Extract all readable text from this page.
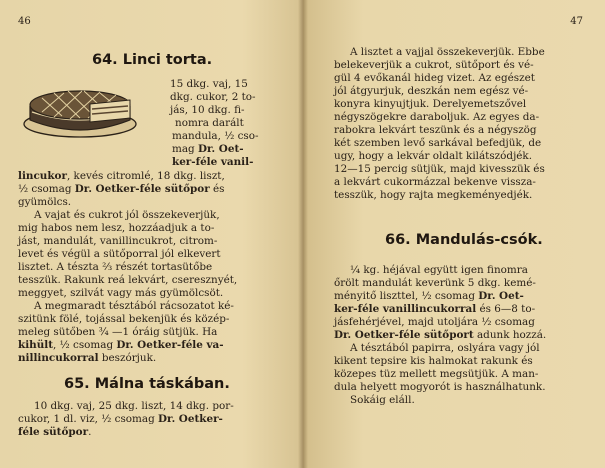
46
64. Linci torta.
15 dkg. vaj, 15
dkg. cukor, 2 to-
jás, 10 dkg. fi-
nomra darált
mandula, ½ cso-
mag Dr. Oet-
ker-féle vanil-
lincukor, kevés citromlé, 18 dkg. liszt,
½ csomag Dr. Oetker-féle sütőpor és
gyümölcs.
A vajat és cukrot jól összekeverjük,
mig habos nem lesz, hozzáadjuk a to-
jást, mandulát, vanillincukrot, citrom-
levet és végül a sütőporral jól elkevert
lisztet. A tészta ⅔ részét tortasütőbe
tesszük. Rakunk reá lekvárt, cseresznyét,
meggyet, szilvát vagy más gyümölcsöt.
A megmaradt tésztából rácsozatot ké-
szitünk fölé, tojással bekenjük és közép-
meleg sütőben ¾ —1 óráig sütjük. Ha
kihült, ½ csomag Dr. Oetker-féle va-
nillincukorral beszórjuk.
65. Málna táskában.
10 dkg. vaj, 25 dkg. liszt, 14 dkg. por-
cukor, 1 dl. viz, ½ csomag Dr. Oetker-
féle sütőpor.
47
A lisztet a vajjal összekeverjük. Ebbe
belekeverjük a cukrot, sütőport és vé-
gül 4 evőkanál hideg vizet. Az egészet
jól átgyurjuk, deszkán nem egész vé-
konyra kinyujtjuk. Derelyemetszővel
négyszögekre daraboljuk. Az egyes da-
rabokra lekvárt teszünk és a négyszög
két szemben levő sarkával befedjük, de
ugy, hogy a lekvár oldalt kilátszódjék.
12—15 percig sütjük, majd kivesszük és
a lekvárt cukormázzal bekenve vissza-
tesszük, hogy rajta megkeményedjék.
66. Mandulás-csók.
¼ kg. héjával együtt igen finomra
őrölt mandulát keverünk 5 dkg. kemé-
ményitő liszttel, ½ csomag Dr. Oet-
ker-féle vanillincukorral és 6—8 to-
jásfehérjével, majd utoljára ½ csomag
Dr. Oetker-féle sütőport adunk hozzá.
A tésztából papirra, oslyára vagy jól
kikent tepsire kis halmokat rakunk és
közepes tüz mellett megsütjük. A man-
dula helyett mogyorót is használhatunk.
Sokáig eláll.
